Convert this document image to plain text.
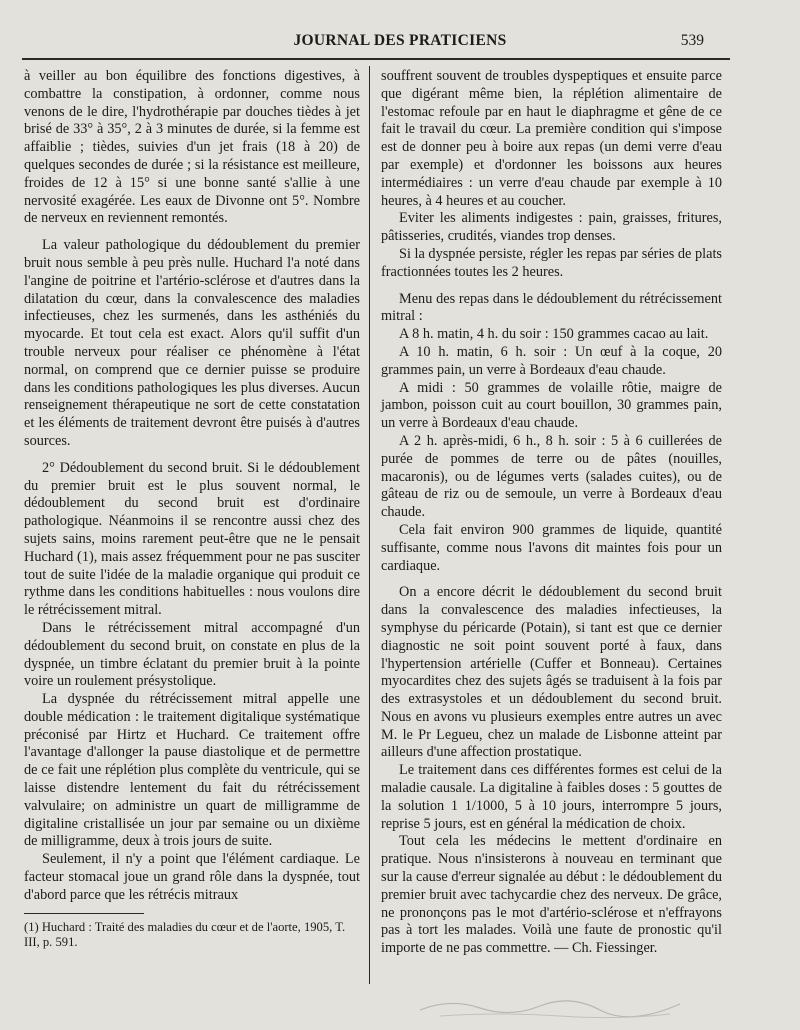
JOURNAL DES PRATICIENS	539

à veiller au bon équilibre des fonctions digestives, à combattre la constipation, à ordonner, comme nous venons de le dire, l'hydrothérapie par douches tièdes à jet brisé de 33° à 35°, 2 à 3 minutes de durée, si la femme est affaiblie ; tièdes, suivies d'un jet frais (18 à 20) de quelques secondes de durée ; si la résistance est meilleure, froides de 12 à 15° si une bonne santé s'allie à une nervosité exagérée. Les eaux de Divonne ont 5°. Nombre de nerveux en reviennent remontés.

La valeur pathologique du dédoublement du premier bruit nous semble à peu près nulle. Huchard l'a noté dans l'angine de poitrine et l'artério-sclérose et d'autres dans la dilatation du cœur, dans la convalescence des maladies infectieuses, chez les surmenés, dans les asthéniés du myocarde. Et tout cela est exact. Alors qu'il suffit d'un trouble nerveux pour réaliser ce phénomène à l'état normal, on comprend que ce dernier puisse se produire dans les conditions pathologiques les plus diverses. Aucun renseignement thérapeutique ne sort de cette constatation et les éléments de traitement devront être puisés à d'autres sources.

2° Dédoublement du second bruit. Si le dédoublement du premier bruit est le plus souvent normal, le dédoublement du second bruit est d'ordinaire pathologique. Néanmoins il se rencontre aussi chez des sujets sains, moins rarement peut-être que ne le pensait Huchard (1), mais assez fréquemment pour ne pas susciter tout de suite l'idée de la maladie organique qui produit ce rythme dans les conditions habituelles : nous voulons dire le rétrécissement mitral.

Dans le rétrécissement mitral accompagné d'un dédoublement du second bruit, on constate en plus de la dyspnée, un timbre éclatant du premier bruit à la pointe voire un roulement présystolique.

La dyspnée du rétrécissement mitral appelle une double médication : le traitement digitalique systématique préconisé par Hirtz et Huchard. Ce traitement offre l'avantage d'allonger la pause diastolique et de permettre de ce fait une réplétion plus complète du ventricule, qui se laisse distendre lentement du fait du rétrécissement valvulaire; on administre un quart de milligramme de digitaline cristallisée un jour par semaine ou un dixième de milligramme, deux à trois jours de suite.

Seulement, il n'y a point que l'élément cardiaque. Le facteur stomacal joue un grand rôle dans la dyspnée, tout d'abord parce que les rétrécis mitraux

(1) Huchard : Traité des maladies du cœur et de l'aorte, 1905, T. III, p. 591.

souffrent souvent de troubles dyspeptiques et ensuite parce que digérant même bien, la réplétion alimentaire de l'estomac refoule par en haut le diaphragme et gêne de ce fait le travail du cœur. La première condition qui s'impose est de donner peu à boire aux repas (un demi verre d'eau par exemple) et d'ordonner les boissons aux heures intermédiaires : un verre d'eau chaude par exemple à 10 heures, à 4 heures et au coucher.

Eviter les aliments indigestes : pain, graisses, fritures, pâtisseries, crudités, viandes trop denses.

Si la dyspnée persiste, régler les repas par séries de plats fractionnées toutes les 2 heures.

Menu des repas dans le dédoublement du rétrécissement mitral :

A 8 h. matin, 4 h. du soir : 150 grammes cacao au lait.

A 10 h. matin, 6 h. soir : Un œuf à la coque, 20 grammes pain, un verre à Bordeaux d'eau chaude.

A midi : 50 grammes de volaille rôtie, maigre de jambon, poisson cuit au court bouillon, 30 grammes pain, un verre à Bordeaux d'eau chaude.

A 2 h. après-midi, 6 h., 8 h. soir : 5 à 6 cuillerées de purée de pommes de terre ou de pâtes (nouilles, macaronis), ou de légumes verts (salades cuites), ou de gâteau de riz ou de semoule, un verre à Bordeaux d'eau chaude.

Cela fait environ 900 grammes de liquide, quantité suffisante, comme nous l'avons dit maintes fois pour un cardiaque.

On a encore décrit le dédoublement du second bruit dans la convalescence des maladies infectieuses, la symphyse du péricarde (Potain), si tant est que ce dernier diagnostic ne soit point souvent porté à faux, dans l'hypertension artérielle (Cuffer et Bonneau). Certaines myocardites chez des sujets âgés se traduisent à la fois par des extrasystoles et un dédoublement du second bruit. Nous en avons vu plusieurs exemples entre autres un avec M. le Pr Legueu, chez un malade de Lisbonne atteint par ailleurs d'une affection prostatique.

Le traitement dans ces différentes formes est celui de la maladie causale. La digitaline à faibles doses : 5 gouttes de la solution 1 1/1000, 5 à 10 jours, interrompre 5 jours, reprise 5 jours, est en général la médication de choix.

Tout cela les médecins le mettent d'ordinaire en pratique. Nous n'insisterons à nouveau en terminant que sur la cause d'erreur signalée au début : le dédoublement du premier bruit avec tachycardie chez des nerveux. De grâce, ne prononçons pas le mot d'artério-sclérose et n'effrayons pas à tort les malades. Voilà une faute de pronostic qu'il importe de ne pas commettre. — Ch. Fiessinger.
